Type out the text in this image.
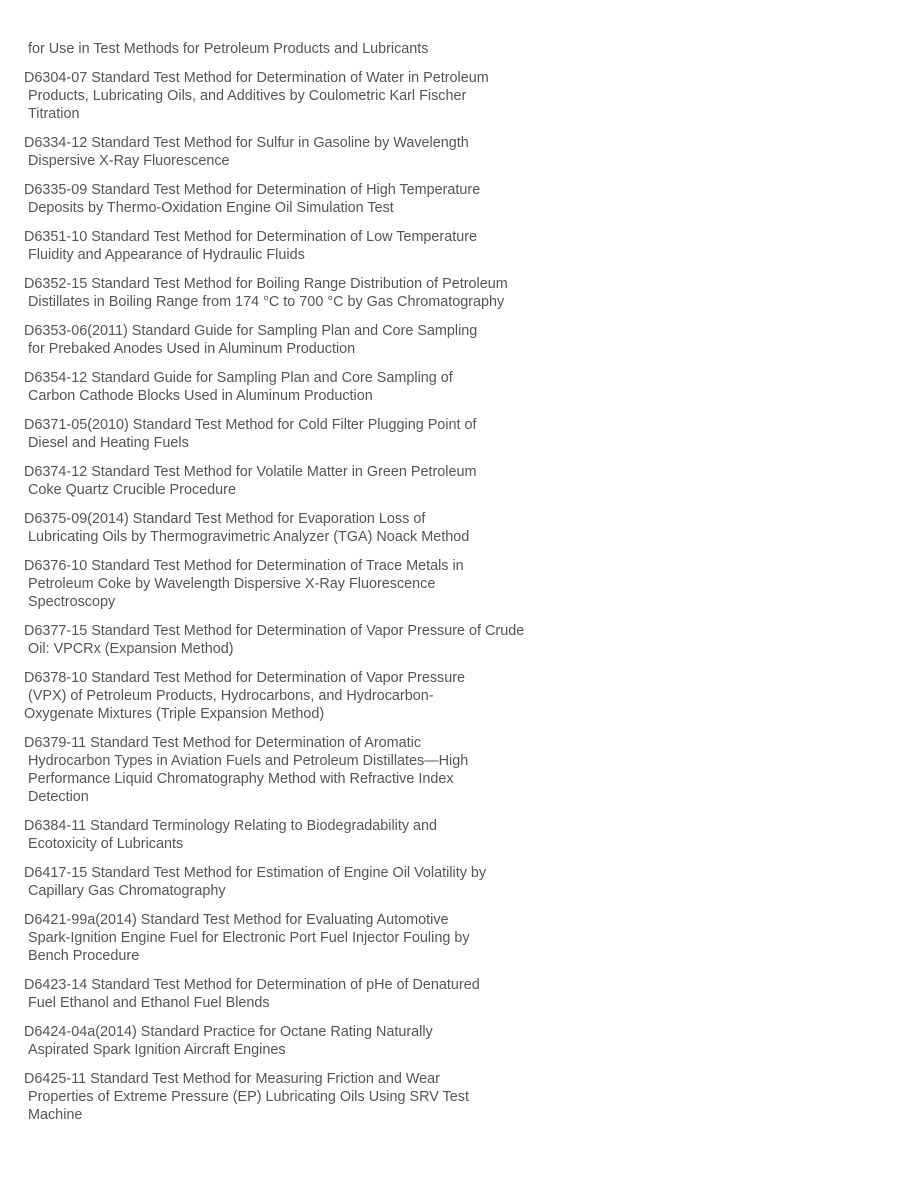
for Use in Test Methods for Petroleum Products and Lubricants
D6304-07 Standard Test Method for Determination of Water in Petroleum
Products, Lubricating Oils, and Additives by Coulometric Karl Fischer
Titration
D6334-12 Standard Test Method for Sulfur in Gasoline by Wavelength
Dispersive X-Ray Fluorescence
D6335-09 Standard Test Method for Determination of High Temperature
Deposits by Thermo-Oxidation Engine Oil Simulation Test
D6351-10 Standard Test Method for Determination of Low Temperature
Fluidity and Appearance of Hydraulic Fluids
D6352-15 Standard Test Method for Boiling Range Distribution of Petroleum
Distillates in Boiling Range from 174 °C to 700 °C by Gas Chromatography
D6353-06(2011) Standard Guide for Sampling Plan and Core Sampling
for Prebaked Anodes Used in Aluminum Production
D6354-12 Standard Guide for Sampling Plan and Core Sampling of
Carbon Cathode Blocks Used in Aluminum Production
D6371-05(2010) Standard Test Method for Cold Filter Plugging Point of
Diesel and Heating Fuels
D6374-12 Standard Test Method for Volatile Matter in Green Petroleum
Coke Quartz Crucible Procedure
D6375-09(2014) Standard Test Method for Evaporation Loss of
Lubricating Oils by Thermogravimetric Analyzer (TGA) Noack Method
D6376-10 Standard Test Method for Determination of Trace Metals in
Petroleum Coke by Wavelength Dispersive X-Ray Fluorescence
Spectroscopy
D6377-15 Standard Test Method for Determination of Vapor Pressure of Crude
Oil: VPCRx (Expansion Method)
D6378-10 Standard Test Method for Determination of Vapor Pressure
(VPX) of Petroleum Products, Hydrocarbons, and Hydrocarbon-
Oxygenate Mixtures (Triple Expansion Method)
D6379-11 Standard Test Method for Determination of Aromatic
Hydrocarbon Types in Aviation Fuels and Petroleum Distillates—High
Performance Liquid Chromatography Method with Refractive Index
Detection
D6384-11 Standard Terminology Relating to Biodegradability and
Ecotoxicity of Lubricants
D6417-15 Standard Test Method for Estimation of Engine Oil Volatility by
Capillary Gas Chromatography
D6421-99a(2014) Standard Test Method for Evaluating Automotive
Spark-Ignition Engine Fuel for Electronic Port Fuel Injector Fouling by
Bench Procedure
D6423-14 Standard Test Method for Determination of pHe of Denatured
Fuel Ethanol and Ethanol Fuel Blends
D6424-04a(2014) Standard Practice for Octane Rating Naturally
Aspirated Spark Ignition Aircraft Engines
D6425-11 Standard Test Method for Measuring Friction and Wear
Properties of Extreme Pressure (EP) Lubricating Oils Using SRV Test
Machine
